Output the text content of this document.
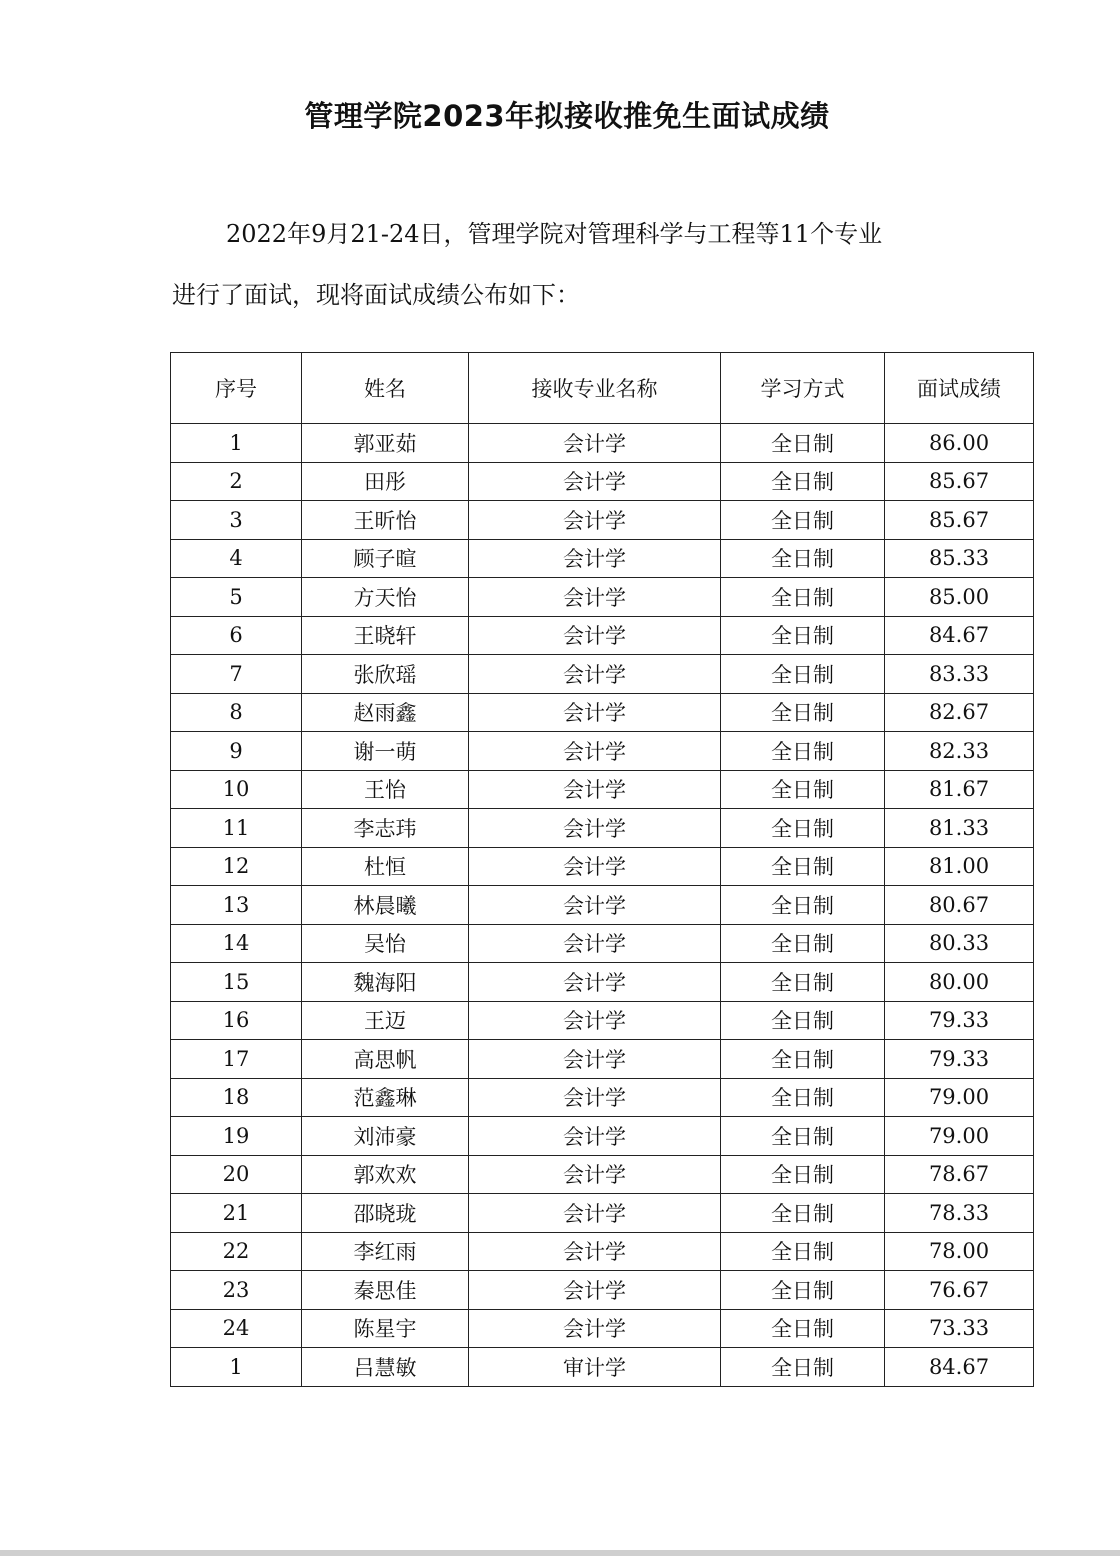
管理学院2023年拟接收推免生面试成绩
2022年9月21-24日，管理学院对管理科学与工程等11个专业
进行了面试，现将面试成绩公布如下：
序号	姓名	接收专业名称	学习方式	面试成绩
1	郭亚茹	会计学	全日制	86.00
2	田彤	会计学	全日制	85.67
3	王昕怡	会计学	全日制	85.67
4	顾子暄	会计学	全日制	85.33
5	方天怡	会计学	全日制	85.00
6	王晓轩	会计学	全日制	84.67
7	张欣瑶	会计学	全日制	83.33
8	赵雨鑫	会计学	全日制	82.67
9	谢一萌	会计学	全日制	82.33
10	王怡	会计学	全日制	81.67
11	李志玮	会计学	全日制	81.33
12	杜恒	会计学	全日制	81.00
13	林晨曦	会计学	全日制	80.67
14	吴怡	会计学	全日制	80.33
15	魏海阳	会计学	全日制	80.00
16	王迈	会计学	全日制	79.33
17	高思帆	会计学	全日制	79.33
18	范鑫琳	会计学	全日制	79.00
19	刘沛豪	会计学	全日制	79.00
20	郭欢欢	会计学	全日制	78.67
21	邵晓珑	会计学	全日制	78.33
22	李红雨	会计学	全日制	78.00
23	秦思佳	会计学	全日制	76.67
24	陈星宇	会计学	全日制	73.33
1	吕慧敏	审计学	全日制	84.67
